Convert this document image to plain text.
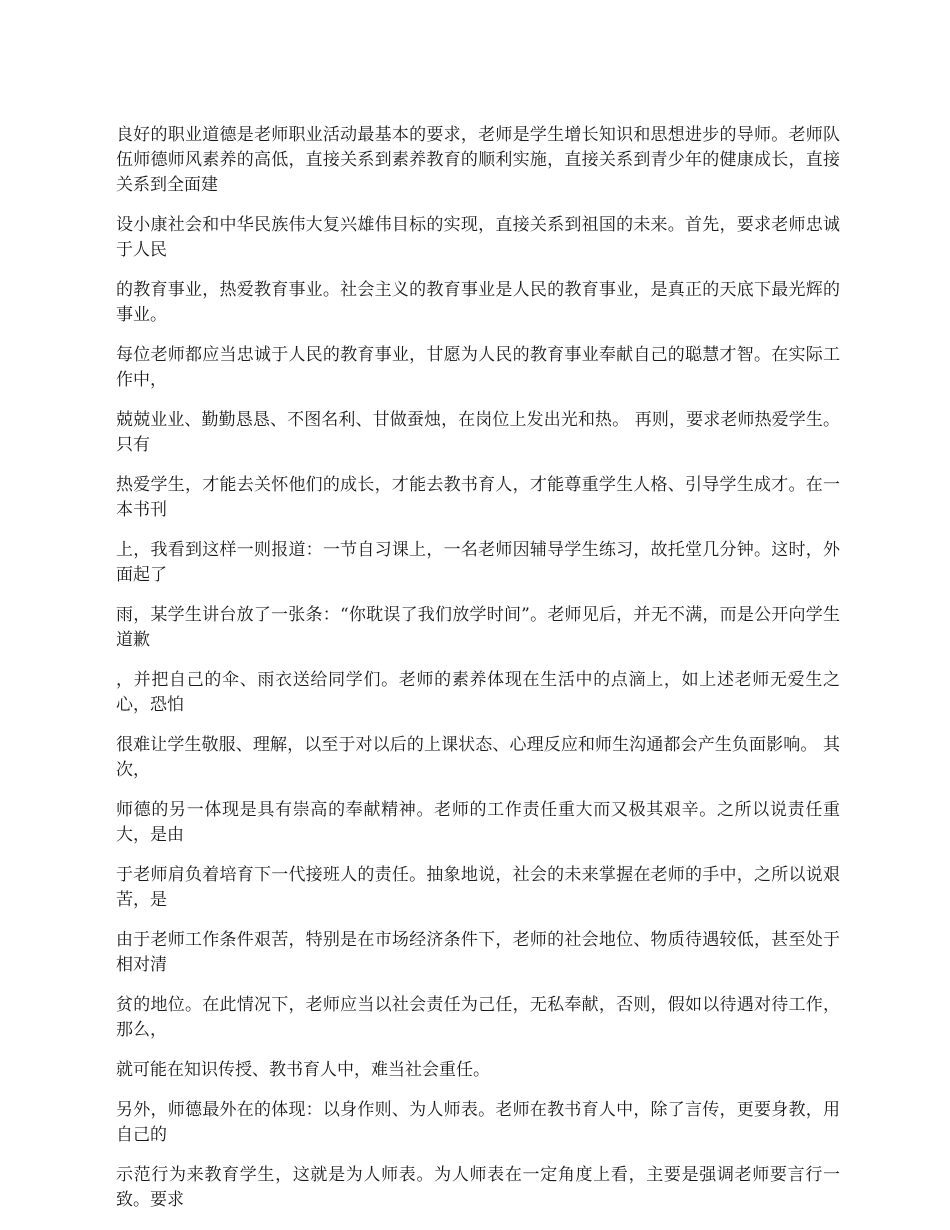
良好的职业道德是老师职业活动最基本的要求，老师是学生增长知识和思想进步的导师。老师队伍师德师风素养的高低，直接关系到素养教育的顺利实施，直接关系到青少年的健康成长，直接关系到全面建

设小康社会和中华民族伟大复兴雄伟目标的实现，直接关系到祖国的未来。首先，要求老师忠诚于人民

的教育事业，热爱教育事业。社会主义的教育事业是人民的教育事业，是真正的天底下最光辉的事业。

每位老师都应当忠诚于人民的教育事业，甘愿为人民的教育事业奉献自己的聪慧才智。在实际工作中，

兢兢业业、勤勤恳恳、不图名利、甘做蚕烛，在岗位上发出光和热。 再则，要求老师热爱学生。只有

热爱学生，才能去关怀他们的成长，才能去教书育人，才能尊重学生人格、引导学生成才。在一本书刊

上，我看到这样一则报道：一节自习课上，一名老师因辅导学生练习，故托堂几分钟。这时，外面起了

雨，某学生讲台放了一张条：“你耽误了我们放学时间”。老师见后，并无不满，而是公开向学生道歉

，并把自己的伞、雨衣送给同学们。老师的素养体现在生活中的点滴上，如上述老师无爱生之心，恐怕

很难让学生敬服、理解，以至于对以后的上课状态、心理反应和师生沟通都会产生负面影响。 其次，

师德的另一体现是具有崇高的奉献精神。老师的工作责任重大而又极其艰辛。之所以说责任重大，是由

于老师肩负着培育下一代接班人的责任。抽象地说，社会的未来掌握在老师的手中，之所以说艰苦，是

由于老师工作条件艰苦，特别是在市场经济条件下，老师的社会地位、物质待遇较低，甚至处于相对清

贫的地位。在此情况下，老师应当以社会责任为己任，无私奉献，否则，假如以待遇对待工作，那么，

就可能在知识传授、教书育人中，难当社会重任。

另外，师德最外在的体现：以身作则、为人师表。老师在教书育人中，除了言传，更要身教，用自己的

示范行为来教育学生，这就是为人师表。为人师表在一定角度上看，主要是强调老师要言行一致。要求
